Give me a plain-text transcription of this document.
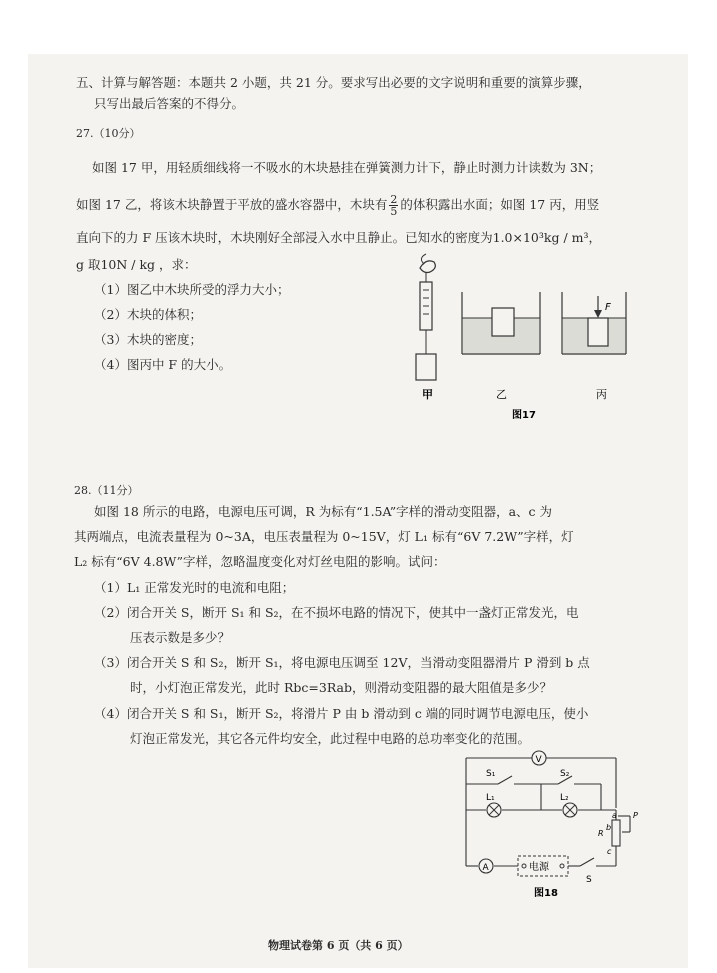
五、计算与解答题：本题共 2 小题，共 21 分。要求写出必要的文字说明和重要的演算步骤，
只写出最后答案的不得分。
27.（10分）
如图 17 甲，用轻质细线将一不吸水的木块悬挂在弹簧测力计下，静止时测力计读数为 3N；
如图 17 乙，将该木块静置于平放的盛水容器中，木块有 $\frac{2}{5}$ 的体积露出水面；如图 17 丙，用竖
直向下的力 F 压该木块时，木块刚好全部浸入水中且静止。已知水的密度为1.0×10³kg / m³，
g 取10N / kg ，求：
（1）图乙中木块所受的浮力大小；
（2）木块的体积；
（3）木块的密度；
（4）图丙中 F 的大小。
F
甲	乙	丙
图17
28.（11分）
如图 18 所示的电路，电源电压可调，R 为标有“1.5A”字样的滑动变阻器，a、c 为
其两端点，电流表量程为 0~3A，电压表量程为 0~15V，灯 L₁ 标有“6V 7.2W”字样，灯
L₂ 标有“6V 4.8W”字样，忽略温度变化对灯丝电阻的影响。试问：
（1）L₁ 正常发光时的电流和电阻；
（2）闭合开关 S，断开 S₁ 和 S₂，在不损坏电路的情况下，使其中一盏灯正常发光，电
压表示数是多少？
（3）闭合开关 S 和 S₂，断开 S₁，将电源电压调至 12V，当滑动变阻器滑片 P 滑到 b 点
时，小灯泡正常发光，此时 Rbc=3Rab，则滑动变阻器的最大阻值是多少？
（4）闭合开关 S 和 S₁，断开 S₂，将滑片 P 由 b 滑动到 c 端的同时调节电源电压，使小
灯泡正常发光，其它各元件均安全，此过程中电路的总功率变化的范围。
V
A
S₁	S₂
L₁	L₂
a P
R
b
c
电源
S
图18
物理试卷第 6 页（共 6 页）
